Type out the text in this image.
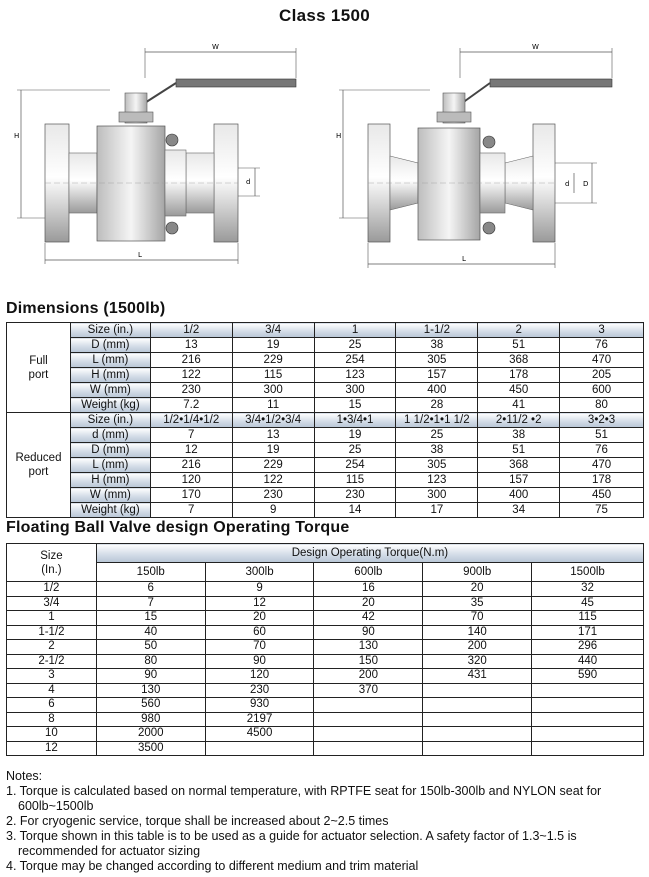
Class 1500
W
H
L
d
W
H
L
d D
Dimensions (1500lb)
Full
port	Size (in.)	1/2	3/4	1	1-1/2	2	3
	D (mm)	13	19	25	38	51	76
	L (mm)	216	229	254	305	368	470
	H (mm)	122	115	123	157	178	205
	W (mm)	230	300	300	400	450	600
	Weight (kg)	7.2	11	15	28	41	80
Reduced
port	Size (in.)	1/2•1/4•1/2	3/4•1/2•3/4	1•3/4•1	1 1/2•1•1 1/2	2•11/2 •2	3•2•3
	d (mm)	7	13	19	25	38	51
	D (mm)	12	19	25	38	51	76
	L (mm)	216	229	254	305	368	470
	H (mm)	120	122	115	123	157	178
	W (mm)	170	230	230	300	400	450
	Weight (kg)	7	9	14	17	34	75
Floating Ball Valve design Operating Torque
Size
(In.)	Design Operating Torque(N.m)				
	150lb	300lb	600lb	900lb	1500lb
1/2	6	9	16	20	32
3/4	7	12	20	35	45
1	15	20	42	70	115
1-1/2	40	60	90	140	171
2	50	70	130	200	296
2-1/2	80	90	150	320	440
3	90	120	200	431	590
4	130	230	370		
6	560	930			
8	980	2197			
10	2000	4500			
12	3500				
Notes:
1. Torque is calculated based on normal temperature, with RPTFE seat for 150lb-300lb and NYLON seat for
600lb~1500lb
2. For cryogenic service, torque shall be increased about 2~2.5 times
3. Torque shown in this table is to be used as a guide for actuator selection. A safety factor of 1.3~1.5 is
recommended for actuator sizing
4. Torque may be changed according to different medium and trim material
